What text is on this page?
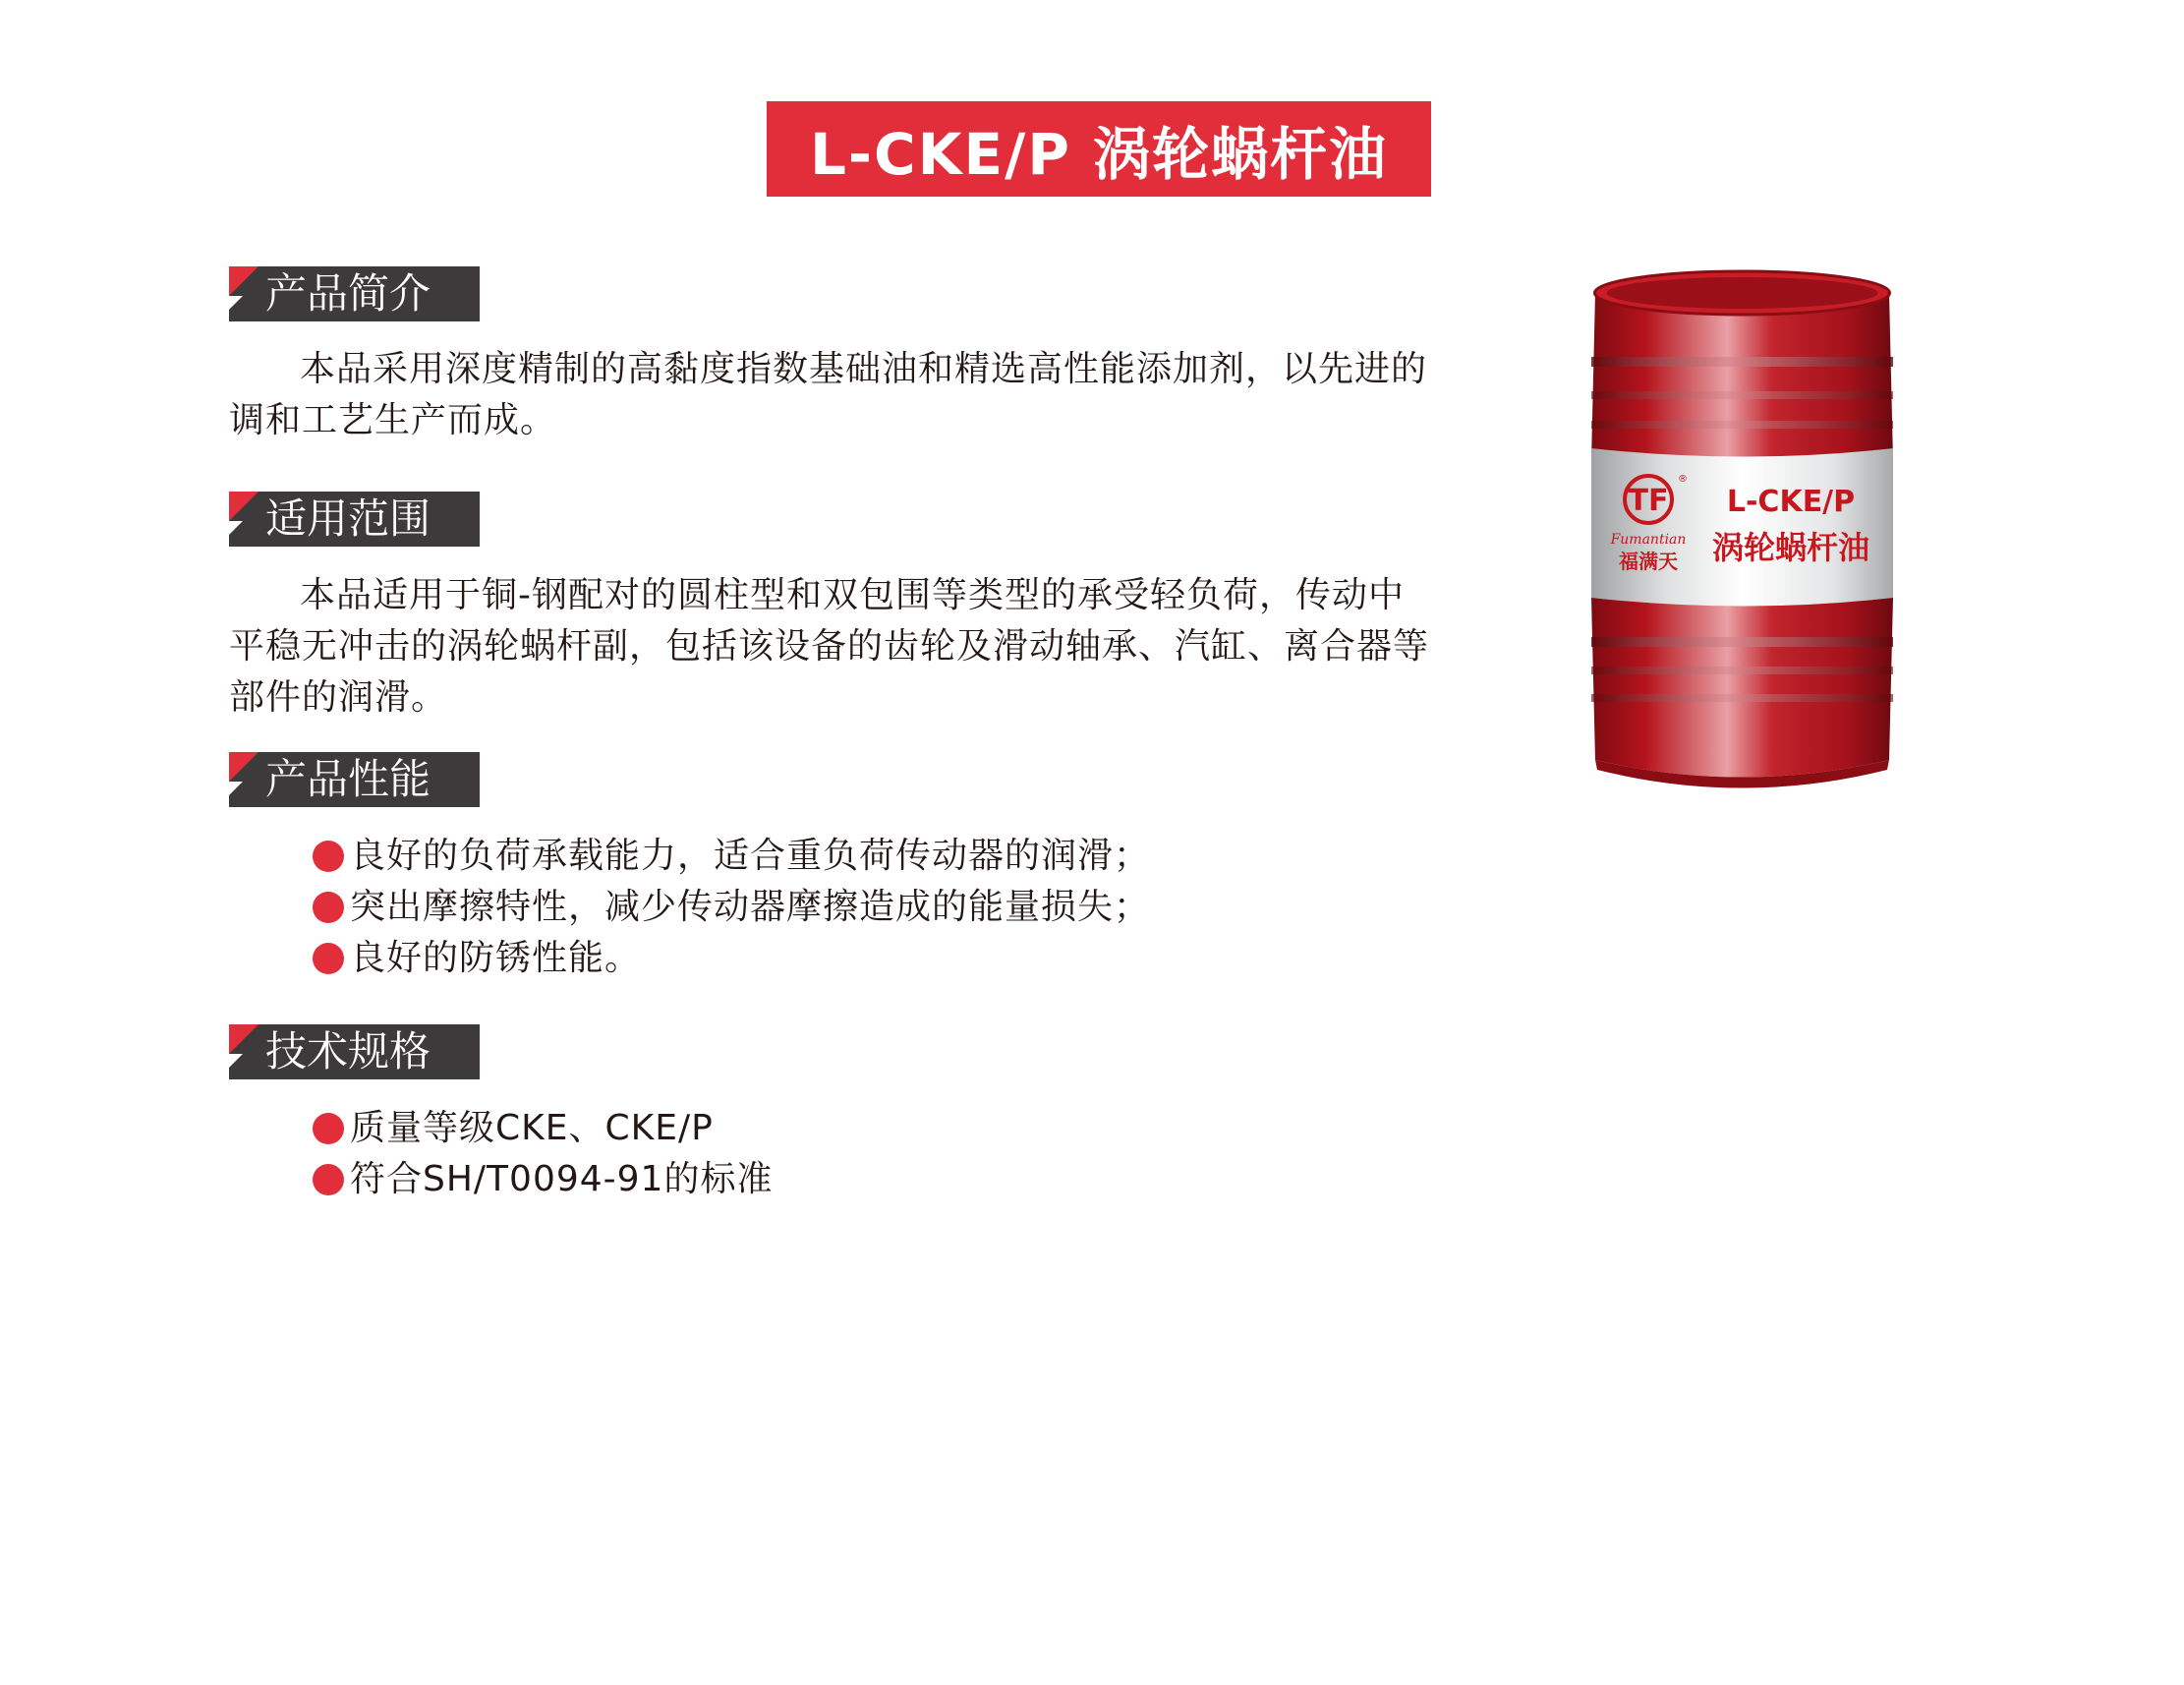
L-CKE/P 涡轮蜗杆油
产品简介
本品采用深度精制的高黏度指数基础油和精选高性能添加剂，以先进的调和工艺生产而成。
适用范围
本品适用于铜-钢配对的圆柱型和双包围等类型的承受轻负荷，传动中平稳无冲击的涡轮蜗杆副，包括该设备的齿轮及滑动轴承、汽缸、离合器等部件的润滑。
产品性能
良好的负荷承载能力，适合重负荷传动器的润滑；
突出摩擦特性，减少传动器摩擦造成的能量损失；
良好的防锈性能。
技术规格
质量等级CKE、CKE/P
符合SH/T0094-91的标准
TF
®
Fumantian
福满天
L-CKE/P
涡轮蜗杆油
